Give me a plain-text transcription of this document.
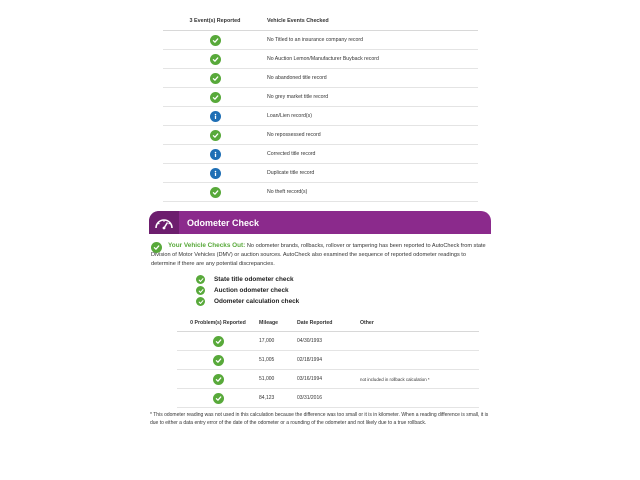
3 Event(s) Reported	Vehicle Events Checked
No Titled to an insurance company record
No Auction Lemon/Manufacturer Buyback record
No abandoned title record
No grey market title record
Loan/Lien record(s)
No repossessed record
Corrected title record
Duplicate title record
No theft record(s)
Odometer Check

Your Vehicle Checks Out: No odometer brands, rollbacks, rollover or tampering has been reported to AutoCheck from state Division of Motor Vehicles (DMV) or auction sources. AutoCheck also examined the sequence of reported odometer readings to determine if there are any potential discrepancies.

State title odometer check
Auction odometer check
Odometer calculation check
0 Problem(s) Reported	Mileage	Date Reported	Other
17,000	04/30/1993
51,005	02/18/1994
51,000	03/16/1994	not included in rollback calculation *
84,123	03/31/2016

* This odometer reading was not used in this calculation because the difference was too small or it is in kilometer. When a reading difference is small, it is due to either a data entry error of the date of the odometer or a rounding of the odometer and not likely due to a true rollback.
